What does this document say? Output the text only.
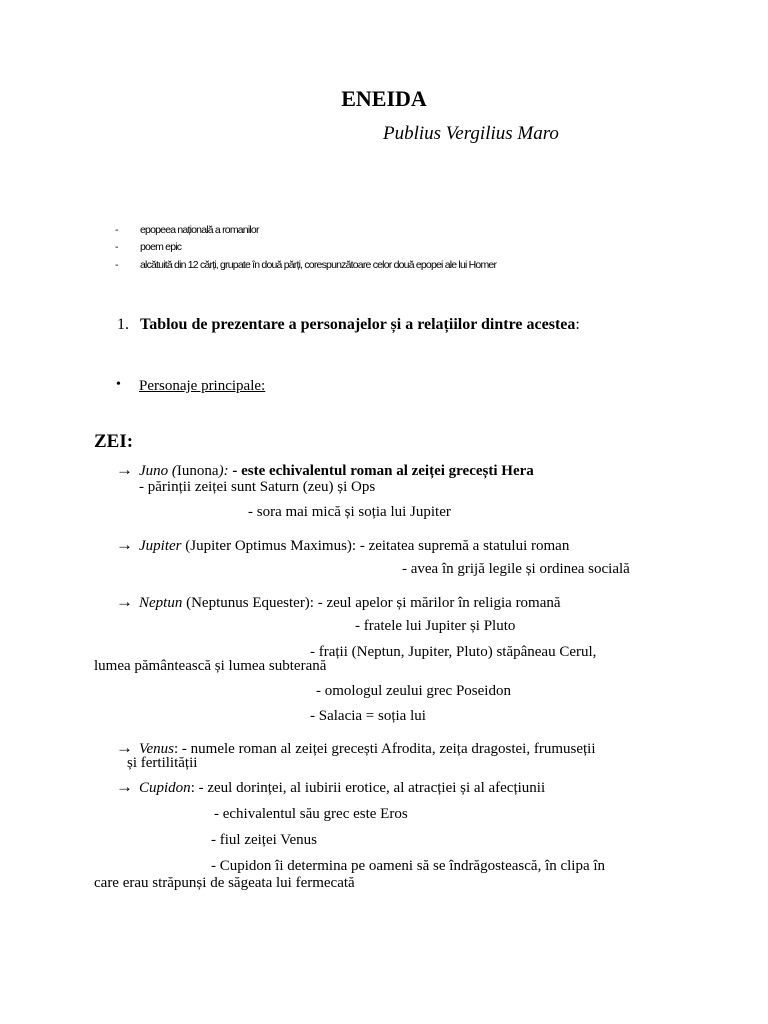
ENEIDA
Publius Vergilius Maro
- epopeea națională a romanilor
- poem epic
- alcătuită din 12 cărți, grupate în două părți, corespunzătoare celor două epopei ale lui Homer
1. Tablou de prezentare a personajelor și a relațiilor dintre acestea:
• Personaje principale:
ZEI:
→ Juno (Iunona): - este echivalentul roman al zeiței grecești Hera
- părinții zeiței sunt Saturn (zeu) și Ops
- sora mai mică și soția lui Jupiter
→ Jupiter (Jupiter Optimus Maximus): - zeitatea supremă a statului roman
- avea în grijă legile și ordinea socială
→ Neptun (Neptunus Equester): - zeul apelor și mărilor în religia romană
- fratele lui Jupiter și Pluto
- frații (Neptun, Jupiter, Pluto) stăpâneau Cerul,
lumea pământească și lumea subterană
- omologul zeului grec Poseidon
- Salacia = soția lui
→ Venus: - numele roman al zeiței grecești Afrodita, zeița dragostei, frumuseții
și fertilității
→ Cupidon: - zeul dorinței, al iubirii erotice, al atracției și al afecțiunii
- echivalentul său grec este Eros
- fiul zeiței Venus
- Cupidon îi determina pe oameni să se îndrăgostească, în clipa în
care erau străpunși de săgeata lui fermecată
